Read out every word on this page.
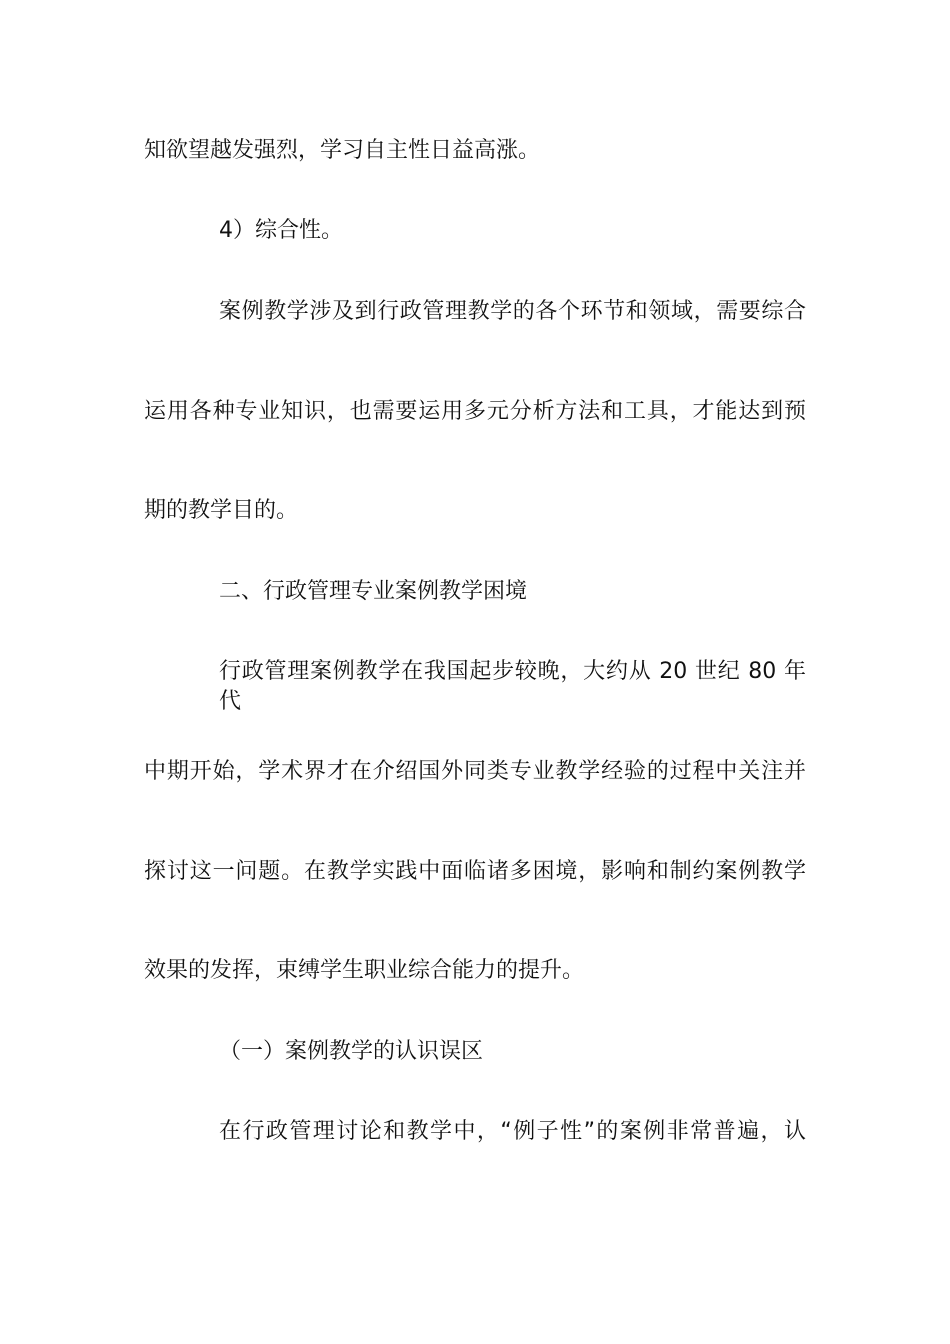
知欲望越发强烈，学习自主性日益高涨。
4）综合性。
案例教学涉及到行政管理教学的各个环节和领域，需要综合
运用各种专业知识，也需要运用多元分析方法和工具，才能达到预
期的教学目的。
二、行政管理专业案例教学困境
行政管理案例教学在我国起步较晚，大约从 20 世纪 80 年代
中期开始，学术界才在介绍国外同类专业教学经验的过程中关注并
探讨这一问题。在教学实践中面临诸多困境，影响和制约案例教学
效果的发挥，束缚学生职业综合能力的提升。
（一）案例教学的认识误区
在行政管理讨论和教学中，“例子性”的案例非常普遍，认
